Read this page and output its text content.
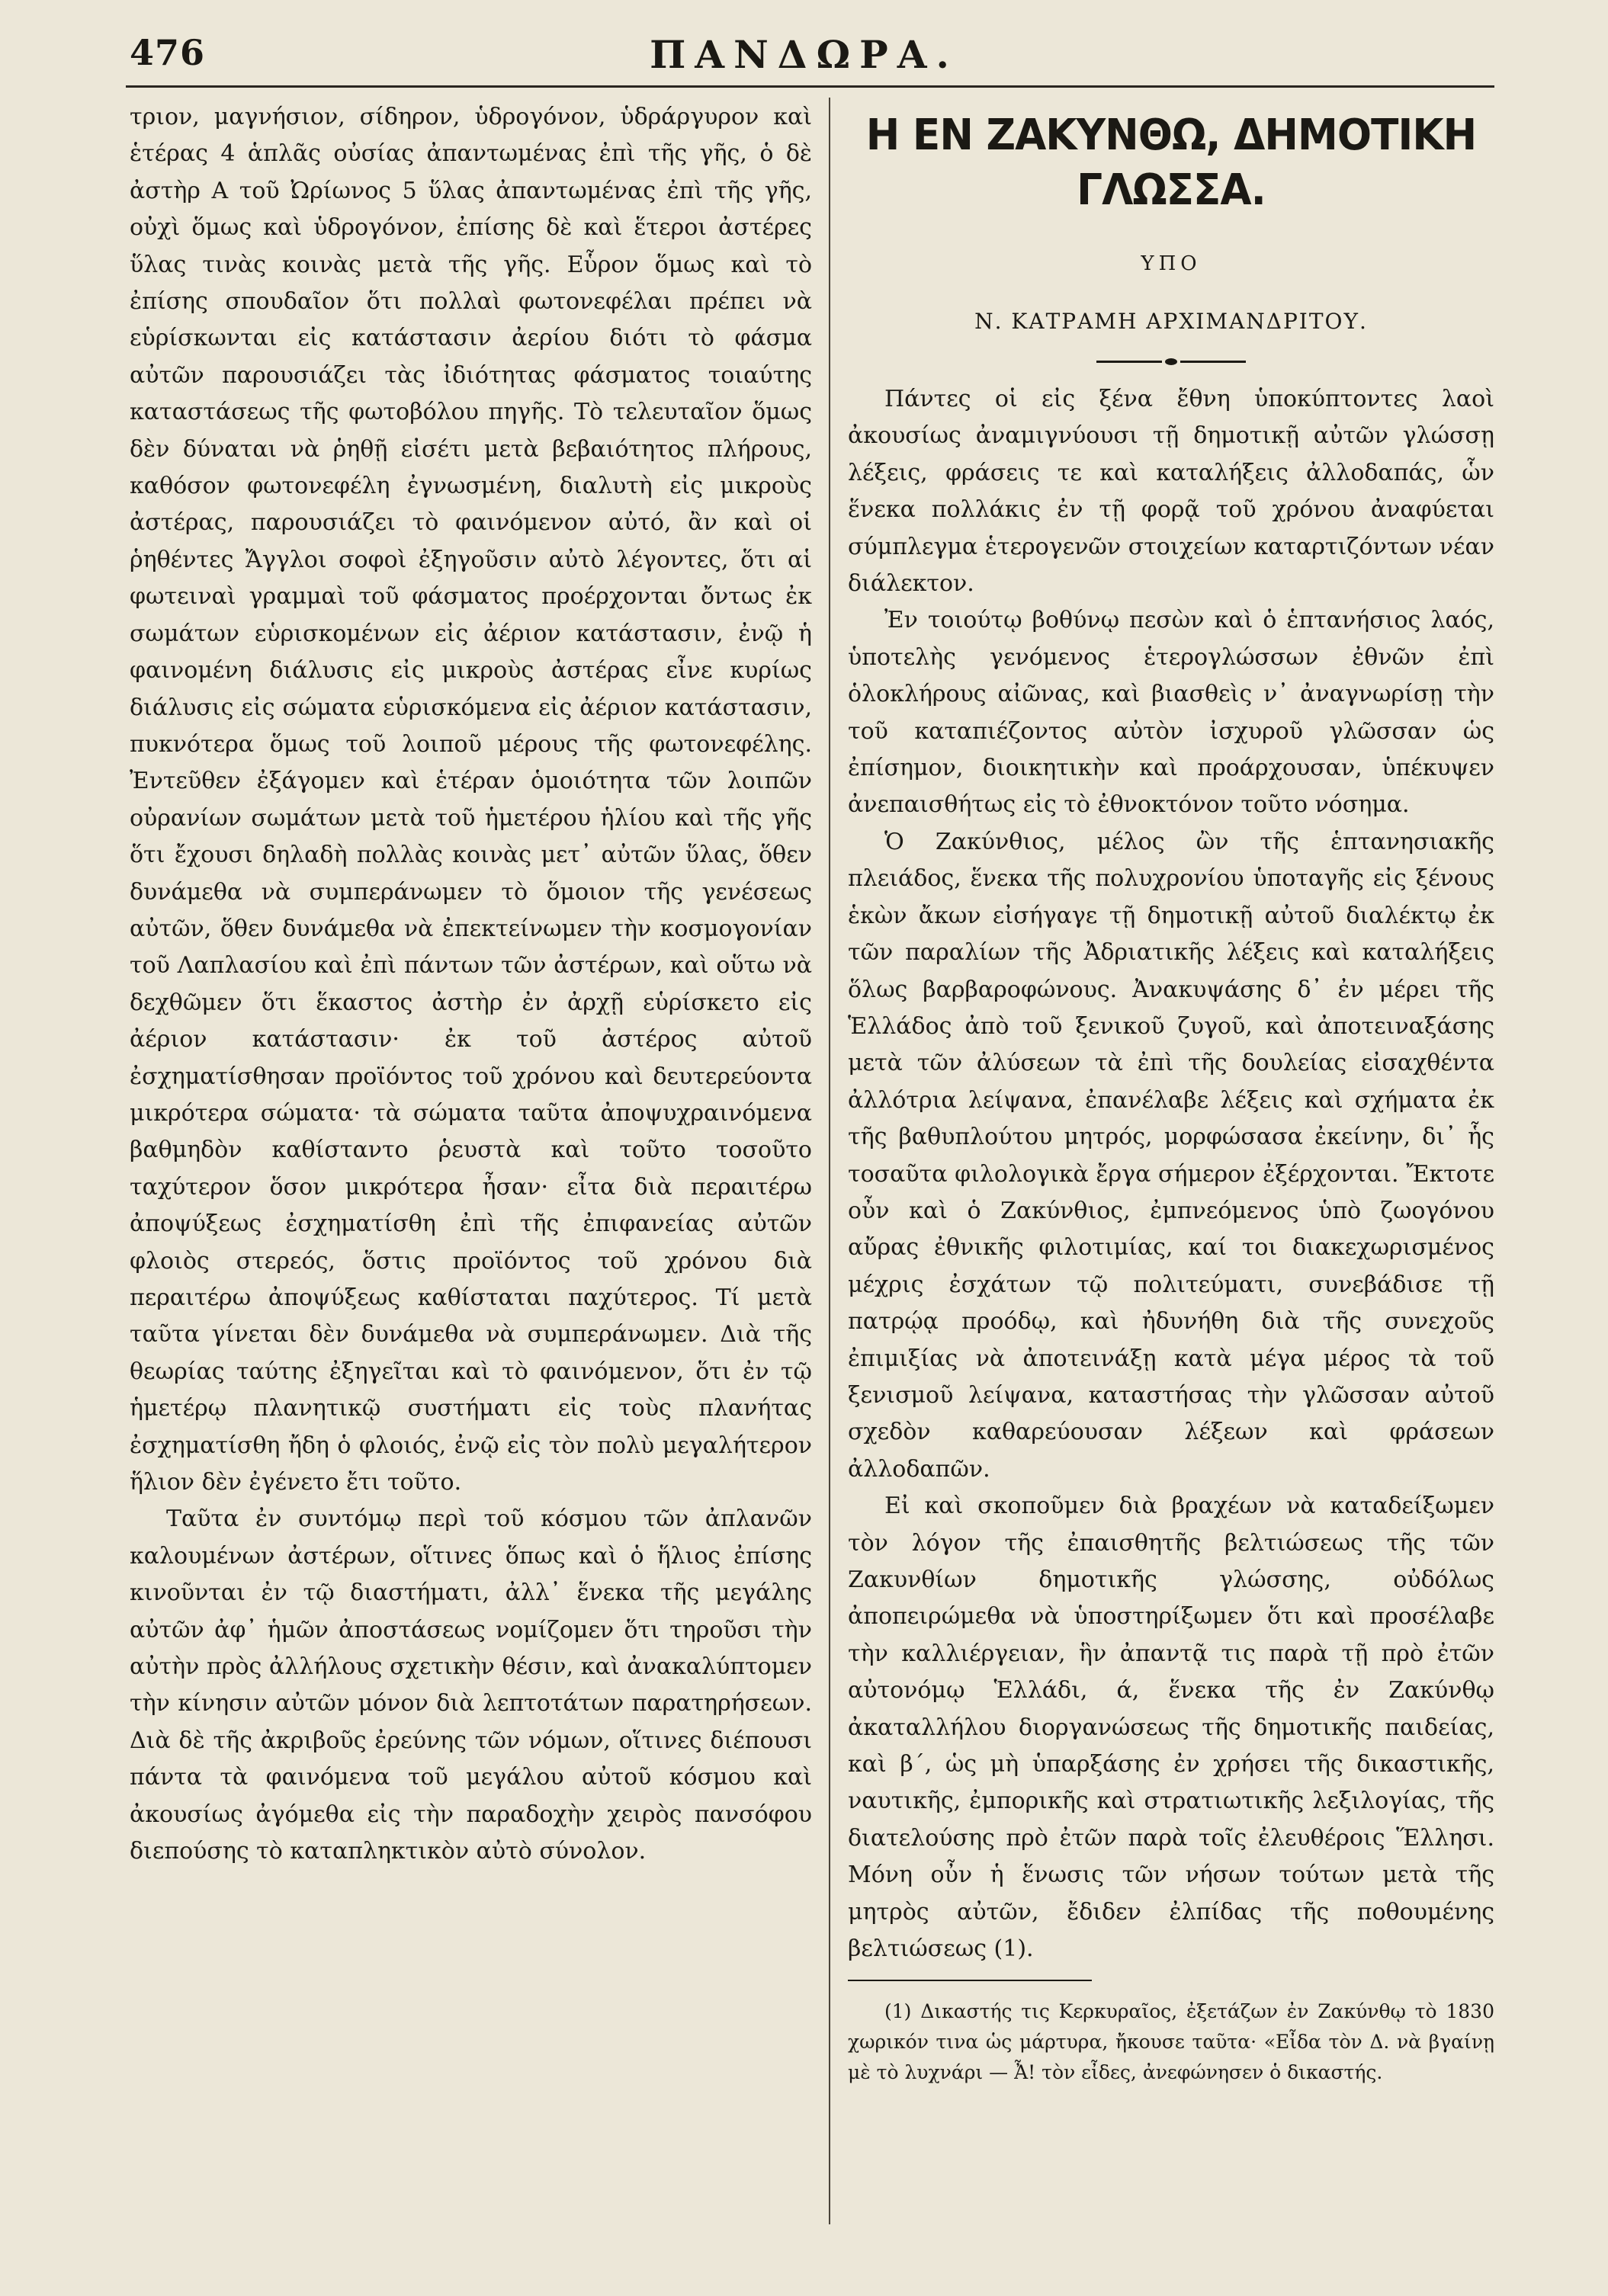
476	ΠΑΝΔΩΡΑ.

τριον, μαγνήσιον, σίδηρον, ὑδρογόνον, ὑδράργυρον καὶ ἑτέρας 4 ἁπλᾶς οὐσίας ἀπαντωμένας ἐπὶ τῆς γῆς, ὁ δὲ ἀστὴρ Α τοῦ Ὠρίωνος 5 ὕλας ἀπαντωμένας ἐπὶ τῆς γῆς, οὐχὶ ὅμως καὶ ὑδρογόνον, ἐπίσης δὲ καὶ ἕτεροι ἀστέρες ὕλας τινὰς κοινὰς μετὰ τῆς γῆς. Εὗρον ὅμως καὶ τὸ ἐπίσης σπουδαῖον ὅτι πολλαὶ φωτονεφέλαι πρέπει νὰ εὑρίσκωνται εἰς κατάστασιν ἀερίου διότι τὸ φάσμα αὐτῶν παρουσιάζει τὰς ἰδιότητας φάσματος τοιαύτης καταστάσεως τῆς φωτοβόλου πηγῆς. Τὸ τελευταῖον ὅμως δὲν δύναται νὰ ῥηθῇ εἰσέτι μετὰ βεβαιότητος πλήρους, καθόσον φωτονεφέλη ἐγνωσμένη, διαλυτὴ εἰς μικροὺς ἀστέρας, παρουσιάζει τὸ φαινόμενον αὐτό, ἂν καὶ οἱ ῥηθέντες Ἄγγλοι σοφοὶ ἐξηγοῦσιν αὐτὸ λέγοντες, ὅτι αἱ φωτειναὶ γραμμαὶ τοῦ φάσματος προέρχονται ὄντως ἐκ σωμάτων εὑρισκομένων εἰς ἀέριον κατάστασιν, ἐνῷ ἡ φαινομένη διάλυσις εἰς μικροὺς ἀστέρας εἶνε κυρίως διάλυσις εἰς σώματα εὑρισκόμενα εἰς ἀέριον κατάστασιν, πυκνότερα ὅμως τοῦ λοιποῦ μέρους τῆς φωτονεφέλης. Ἐντεῦθεν ἐξάγομεν καὶ ἑτέραν ὁμοιότητα τῶν λοιπῶν οὐρανίων σωμάτων μετὰ τοῦ ἡμετέρου ἡλίου καὶ τῆς γῆς ὅτι ἔχουσι δηλαδὴ πολλὰς κοινὰς μετ᾽ αὐτῶν ὕλας, ὅθεν δυνάμεθα νὰ συμπεράνωμεν τὸ ὅμοιον τῆς γενέσεως αὐτῶν, ὅθεν δυνάμεθα νὰ ἐπεκτείνωμεν τὴν κοσμογονίαν τοῦ Λαπλασίου καὶ ἐπὶ πάντων τῶν ἀστέρων, καὶ οὕτω νὰ δεχθῶμεν ὅτι ἕκαστος ἀστὴρ ἐν ἀρχῇ εὑρίσκετο εἰς ἀέριον κατάστασιν· ἐκ τοῦ ἀστέρος αὐτοῦ ἐσχηματίσθησαν προϊόντος τοῦ χρόνου καὶ δευτερεύοντα μικρότερα σώματα· τὰ σώματα ταῦτα ἀποψυχραινόμενα βαθμηδὸν καθίσταντο ῥευστὰ καὶ τοῦτο τοσοῦτο ταχύτερον ὅσον μικρότερα ἦσαν· εἶτα διὰ περαιτέρω ἀποψύξεως ἐσχηματίσθη ἐπὶ τῆς ἐπιφανείας αὐτῶν φλοιὸς στερεός, ὅστις προϊόντος τοῦ χρόνου διὰ περαιτέρω ἀποψύξεως καθίσταται παχύτερος. Τί μετὰ ταῦτα γίνεται δὲν δυνάμεθα νὰ συμπεράνωμεν. Διὰ τῆς θεωρίας ταύτης ἐξηγεῖται καὶ τὸ φαινόμενον, ὅτι ἐν τῷ ἡμετέρῳ πλανητικῷ συστήματι εἰς τοὺς πλανήτας ἐσχηματίσθη ἤδη ὁ φλοιός, ἐνῷ εἰς τὸν πολὺ μεγαλήτερον ἥλιον δὲν ἐγένετο ἔτι τοῦτο.

Ταῦτα ἐν συντόμῳ περὶ τοῦ κόσμου τῶν ἀπλανῶν καλουμένων ἀστέρων, οἵτινες ὅπως καὶ ὁ ἥλιος ἐπίσης κινοῦνται ἐν τῷ διαστήματι, ἀλλ᾽ ἕνεκα τῆς μεγάλης αὐτῶν ἀφ᾽ ἡμῶν ἀποστάσεως νομίζομεν ὅτι τηροῦσι τὴν αὐτὴν πρὸς ἀλλήλους σχετικὴν θέσιν, καὶ ἀνακαλύπτομεν τὴν κίνησιν αὐτῶν μόνον διὰ λεπτοτάτων παρατηρήσεων. Διὰ δὲ τῆς ἀκριβοῦς ἐρεύνης τῶν νόμων, οἵτινες διέπουσι πάντα τὰ φαινόμενα τοῦ μεγάλου αὐτοῦ κόσμου καὶ ἀκουσίως ἀγόμεθα εἰς τὴν παραδοχὴν χειρὸς πανσόφου διεπούσης τὸ καταπληκτικὸν αὐτὸ σύνολον.

Η ΕΝ ΖΑΚΥΝΘΩ, ΔΗΜΟΤΙΚΗ ΓΛΩΣΣΑ.
ΥΠΟ
Ν. ΚΑΤΡΑΜΗ ΑΡΧΙΜΑΝΔΡΙΤΟΥ.

Πάντες οἱ εἰς ξένα ἔθνη ὑποκύπτοντες λαοὶ ἀκουσίως ἀναμιγνύουσι τῇ δημοτικῇ αὐτῶν γλώσσῃ λέξεις, φράσεις τε καὶ καταλήξεις ἀλλοδαπάς, ὧν ἕνεκα πολλάκις ἐν τῇ φορᾷ τοῦ χρόνου ἀναφύεται σύμπλεγμα ἑτερογενῶν στοιχείων καταρτιζόντων νέαν διάλεκτον.

Ἐν τοιούτῳ βοθύνῳ πεσὼν καὶ ὁ ἑπτανήσιος λαός, ὑποτελὴς γενόμενος ἑτερογλώσσων ἐθνῶν ἐπὶ ὁλοκλήρους αἰῶνας, καὶ βιασθεὶς ν᾽ ἀναγνωρίσῃ τὴν τοῦ καταπιέζοντος αὐτὸν ἰσχυροῦ γλῶσσαν ὡς ἐπίσημον, διοικητικὴν καὶ προάρχουσαν, ὑπέκυψεν ἀνεπαισθήτως εἰς τὸ ἐθνοκτόνον τοῦτο νόσημα.

Ὁ Ζακύνθιος, μέλος ὢν τῆς ἑπτανησιακῆς πλειάδος, ἕνεκα τῆς πολυχρονίου ὑποταγῆς εἰς ξένους ἑκὼν ἄκων εἰσήγαγε τῇ δημοτικῇ αὐτοῦ διαλέκτῳ ἐκ τῶν παραλίων τῆς Ἀδριατικῆς λέξεις καὶ καταλήξεις ὅλως βαρβαροφώνους. Ἀνακυψάσης δ᾽ ἐν μέρει τῆς Ἑλλάδος ἀπὸ τοῦ ξενικοῦ ζυγοῦ, καὶ ἀποτειναξάσης μετὰ τῶν ἀλύσεων τὰ ἐπὶ τῆς δουλείας εἰσαχθέντα ἀλλότρια λείψανα, ἐπανέλαβε λέξεις καὶ σχήματα ἐκ τῆς βαθυπλούτου μητρός, μορφώσασα ἐκείνην, δι᾽ ἧς τοσαῦτα φιλολογικὰ ἔργα σήμερον ἐξέρχονται. Ἔκτοτε οὖν καὶ ὁ Ζακύνθιος, ἐμπνεόμενος ὑπὸ ζωογόνου αὔρας ἐθνικῆς φιλοτιμίας, καί τοι διακεχωρισμένος μέχρις ἐσχάτων τῷ πολιτεύματι, συνεβάδισε τῇ πατρῴᾳ προόδῳ, καὶ ἠδυνήθη διὰ τῆς συνεχοῦς ἐπιμιξίας νὰ ἀποτεινάξῃ κατὰ μέγα μέρος τὰ τοῦ ξενισμοῦ λείψανα, καταστήσας τὴν γλῶσσαν αὐτοῦ σχεδὸν καθαρεύουσαν λέξεων καὶ φράσεων ἀλλοδαπῶν.

Εἰ καὶ σκοποῦμεν διὰ βραχέων νὰ καταδείξωμεν τὸν λόγον τῆς ἐπαισθητῆς βελτιώσεως τῆς τῶν Ζακυνθίων δημοτικῆς γλώσσης, οὐδόλως ἀποπειρώμεθα νὰ ὑποστηρίξωμεν ὅτι καὶ προσέλαβε τὴν καλλιέργειαν, ἣν ἀπαντᾷ τις παρὰ τῇ πρὸ ἐτῶν αὐτονόμῳ Ἑλλάδι, ά, ἕνεκα τῆς ἐν Ζακύνθῳ ἀκαταλλήλου διοργανώσεως τῆς δημοτικῆς παιδείας, καὶ β΄, ὡς μὴ ὑπαρξάσης ἐν χρήσει τῆς δικαστικῆς, ναυτικῆς, ἐμπορικῆς καὶ στρατιωτικῆς λεξιλογίας, τῆς διατελούσης πρὸ ἐτῶν παρὰ τοῖς ἐλευθέροις Ἕλλησι. Μόνη οὖν ἡ ἕνωσις τῶν νήσων τούτων μετὰ τῆς μητρὸς αὐτῶν, ἔδιδεν ἐλπίδας τῆς ποθουμένης βελτιώσεως (1).

(1) Δικαστής τις Κερκυραῖος, ἐξετάζων ἐν Ζακύνθῳ τὸ 1830 χωρικόν τινα ὡς μάρτυρα, ἤκουσε ταῦτα· «Εἶδα τὸν Δ. νὰ βγαίνῃ μὲ τὸ λυχνάρι — Ἆ! τὸν εἶδες, ἀνεφώνησεν ὁ δικαστής.
